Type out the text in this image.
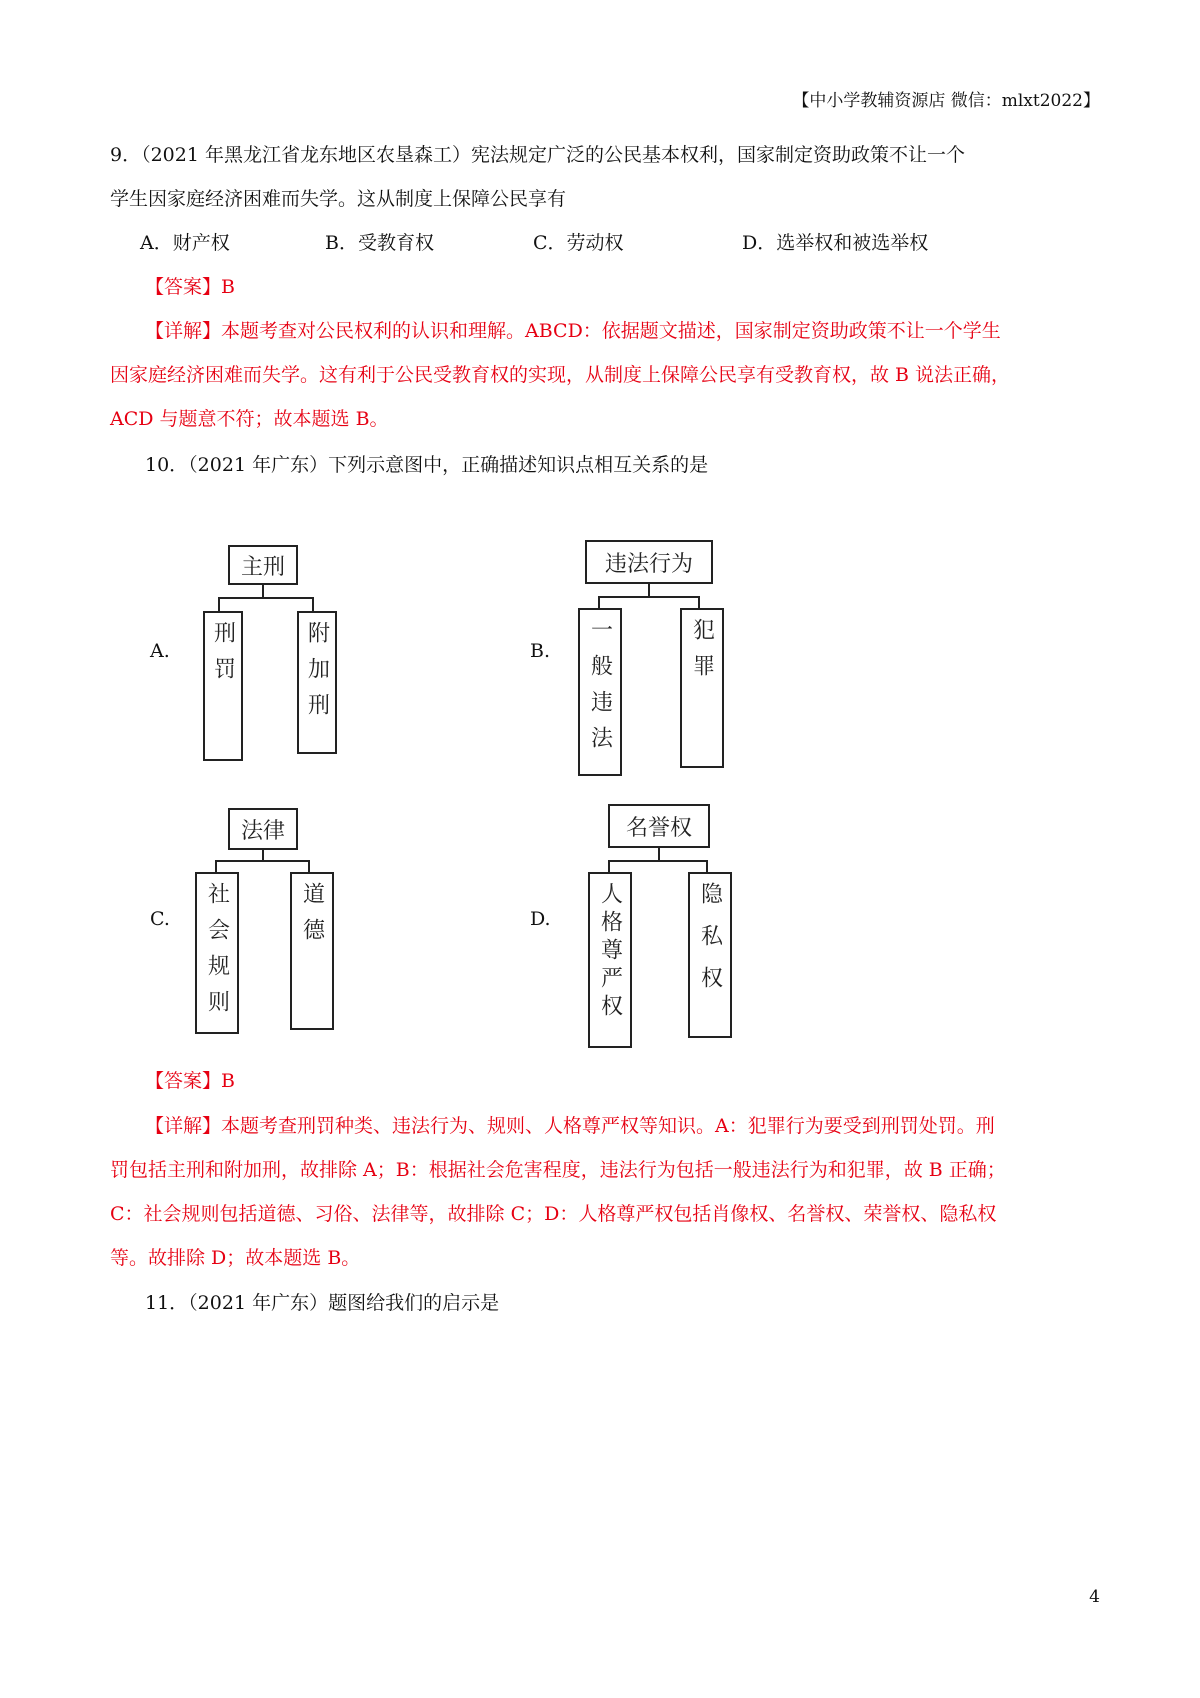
【中小学教辅资源店 微信：mlxt2022】
9．（2021 年黑龙江省龙东地区农垦森工）宪法规定广泛的公民基本权利，国家制定资助政策不让一个
学生因家庭经济困难而失学。这从制度上保障公民享有
A．财产权	B．受教育权	C．劳动权	D．选举权和被选举权
【答案】B
【详解】本题考查对公民权利的认识和理解。ABCD：依据题文描述，国家制定资助政策不让一个学生
因家庭经济困难而失学。这有利于公民受教育权的实现，从制度上保障公民享有受教育权，故 B 说法正确，
ACD 与题意不符；故本题选 B。
10．（2021 年广东）下列示意图中，正确描述知识点相互关系的是
A.
主刑
刑罚	附加刑	B.
违法行为
一般违法	犯罪
C.
法律
社会规则	道德	D.
名誉权
人格尊严权	隐私权
【答案】B
【详解】本题考查刑罚种类、违法行为、规则、人格尊严权等知识。A：犯罪行为要受到刑罚处罚。刑
罚包括主刑和附加刑，故排除 A；B：根据社会危害程度，违法行为包括一般违法行为和犯罪，故 B 正确；
C：社会规则包括道德、习俗、法律等，故排除 C；D：人格尊严权包括肖像权、名誉权、荣誉权、隐私权
等。故排除 D；故本题选 B。
11．（2021 年广东）题图给我们的启示是
4
